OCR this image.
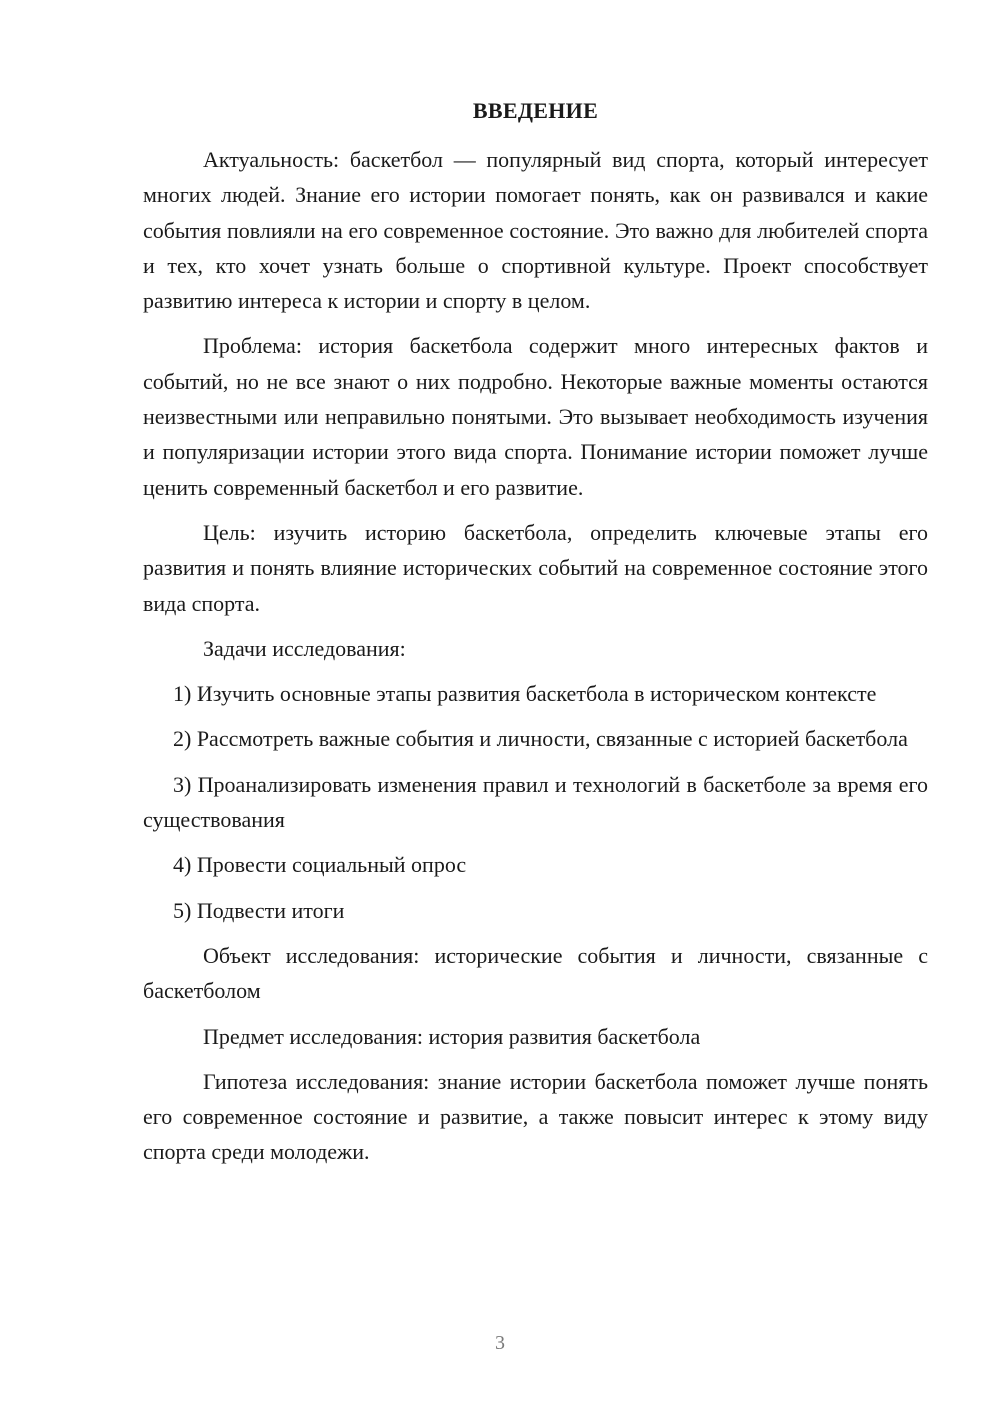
ВВЕДЕНИЕ

Актуальность: баскетбол — популярный вид спорта, который интересует многих людей. Знание его истории помогает понять, как он развивался и какие события повлияли на его современное состояние. Это важно для любителей спорта и тех, кто хочет узнать больше о спортивной культуре. Проект способствует развитию интереса к истории и спорту в целом.

Проблема: история баскетбола содержит много интересных фактов и событий, но не все знают о них подробно. Некоторые важные моменты остаются неизвестными или неправильно понятыми. Это вызывает необходимость изучения и популяризации истории этого вида спорта. Понимание истории поможет лучше ценить современный баскетбол и его развитие.

Цель: изучить историю баскетбола, определить ключевые этапы его развития и понять влияние исторических событий на современное состояние этого вида спорта.

Задачи исследования:

1) Изучить основные этапы развития баскетбола в историческом контексте

2) Рассмотреть важные события и личности, связанные с историей баскетбола

3) Проанализировать изменения правил и технологий в баскетболе за время его существования

4) Провести социальный опрос

5) Подвести итоги

Объект исследования: исторические события и личности, связанные с баскетболом

Предмет исследования: история развития баскетбола

Гипотеза исследования: знание истории баскетбола поможет лучше понять его современное состояние и развитие, а также повысит интерес к этому виду спорта среди молодежи.

3
